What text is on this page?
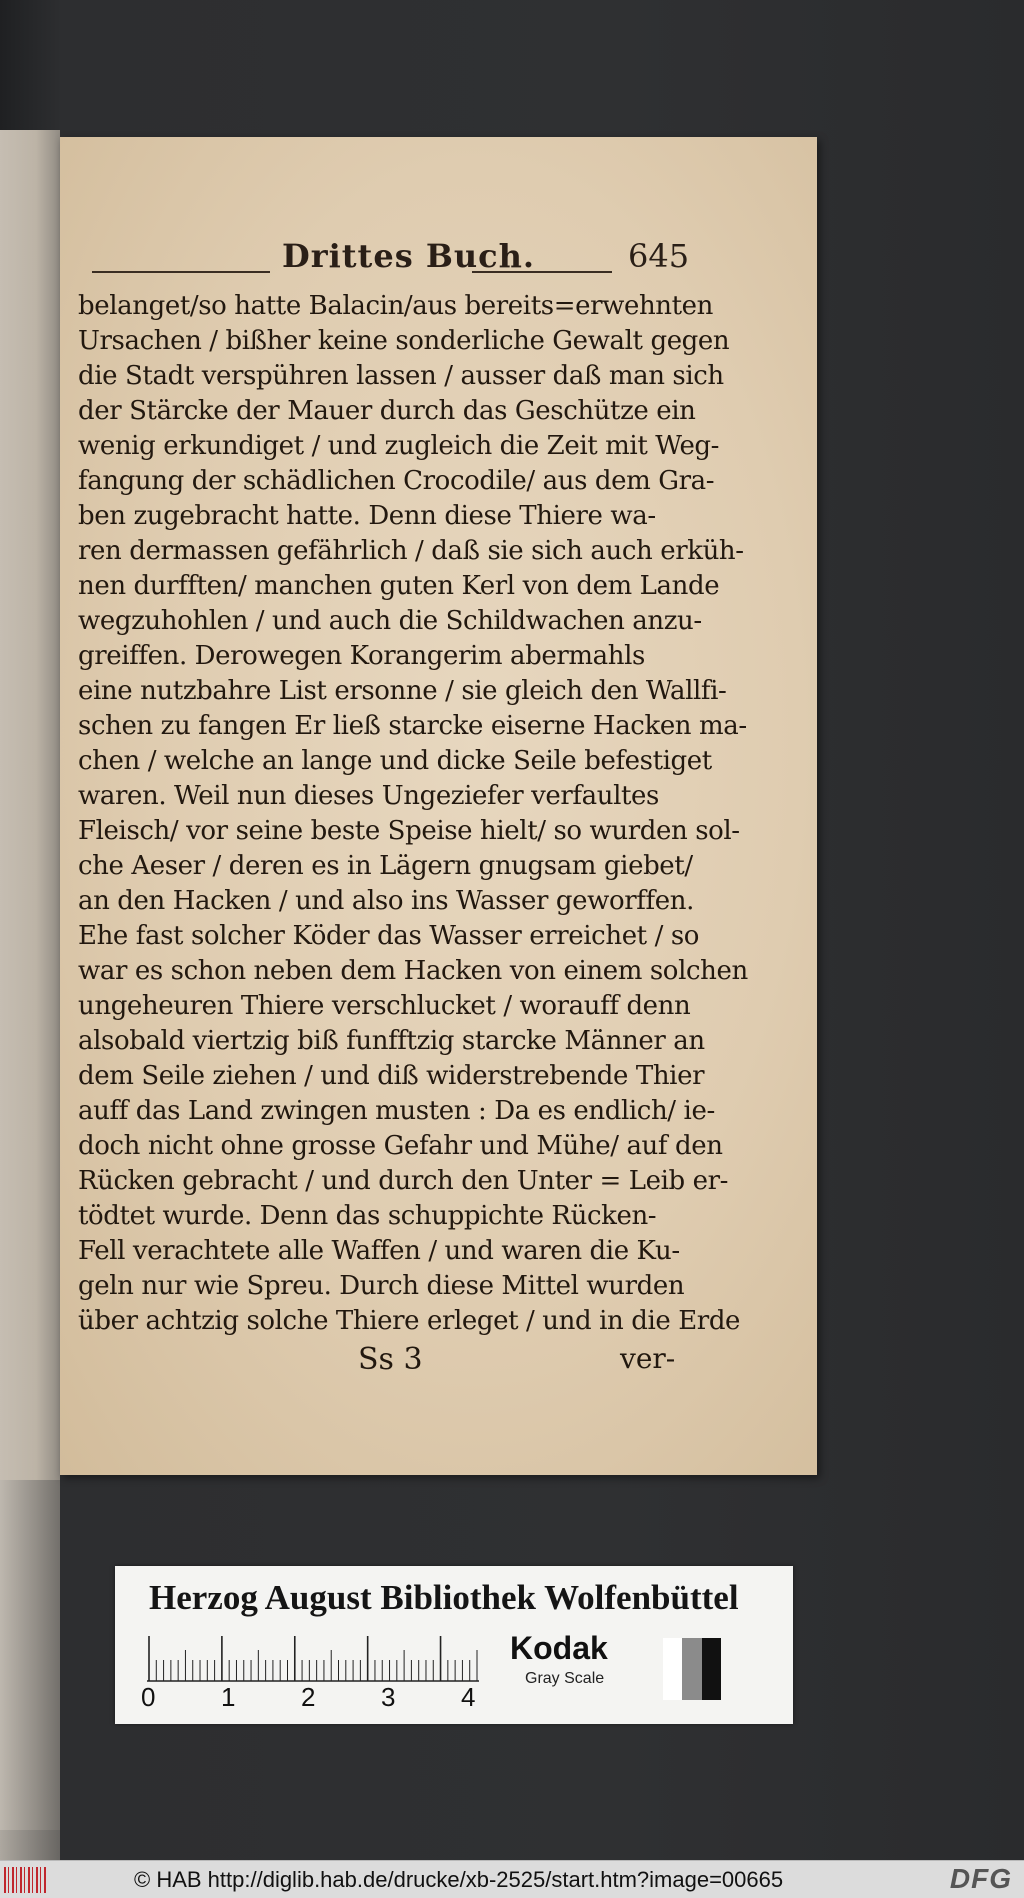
Drittes Buch.	645
belanget/so hatte Balacin/aus bereits=erwehnten
Ursachen / bißher keine sonderliche Gewalt gegen
die Stadt verspühren lassen / ausser daß man sich
der Stärcke der Mauer durch das Geschütze ein
wenig erkundiget / und zugleich die Zeit mit Weg-
fangung der schädlichen Crocodile/ aus dem Gra-
ben zugebracht hatte. Denn diese Thiere wa-
ren dermassen gefährlich / daß sie sich auch erküh-
nen durfften/ manchen guten Kerl von dem Lande
wegzuhohlen / und auch die Schildwachen anzu-
greiffen. Derowegen Korangerim abermahls
eine nutzbahre List ersonne / sie gleich den Wallfi-
schen zu fangen Er ließ starcke eiserne Hacken ma-
chen / welche an lange und dicke Seile befestiget
waren. Weil nun dieses Ungeziefer verfaultes
Fleisch/ vor seine beste Speise hielt/ so wurden sol-
che Aeser / deren es in Lägern gnugsam giebet/
an den Hacken / und also ins Wasser geworffen.
Ehe fast solcher Köder das Wasser erreichet / so
war es schon neben dem Hacken von einem solchen
ungeheuren Thiere verschlucket / worauff denn
alsobald viertzig biß funfftzig starcke Männer an
dem Seile ziehen / und diß widerstrebende Thier
auff das Land zwingen musten : Da es endlich/ ie-
doch nicht ohne grosse Gefahr und Mühe/ auf den
Rücken gebracht / und durch den Unter = Leib er-
tödtet wurde. Denn das schuppichte Rücken-
Fell verachtete alle Waffen / und waren die Ku-
geln nur wie Spreu. Durch diese Mittel wurden
über achtzig solche Thiere erleget / und in die Erde
Ss 3	ver-
Herzog August Bibliothek Wolfenbüttel
0	1	2	3	4
Kodak
Gray Scale
© HAB http://diglib.hab.de/drucke/xb-2525/start.htm?image=00665	DFG
